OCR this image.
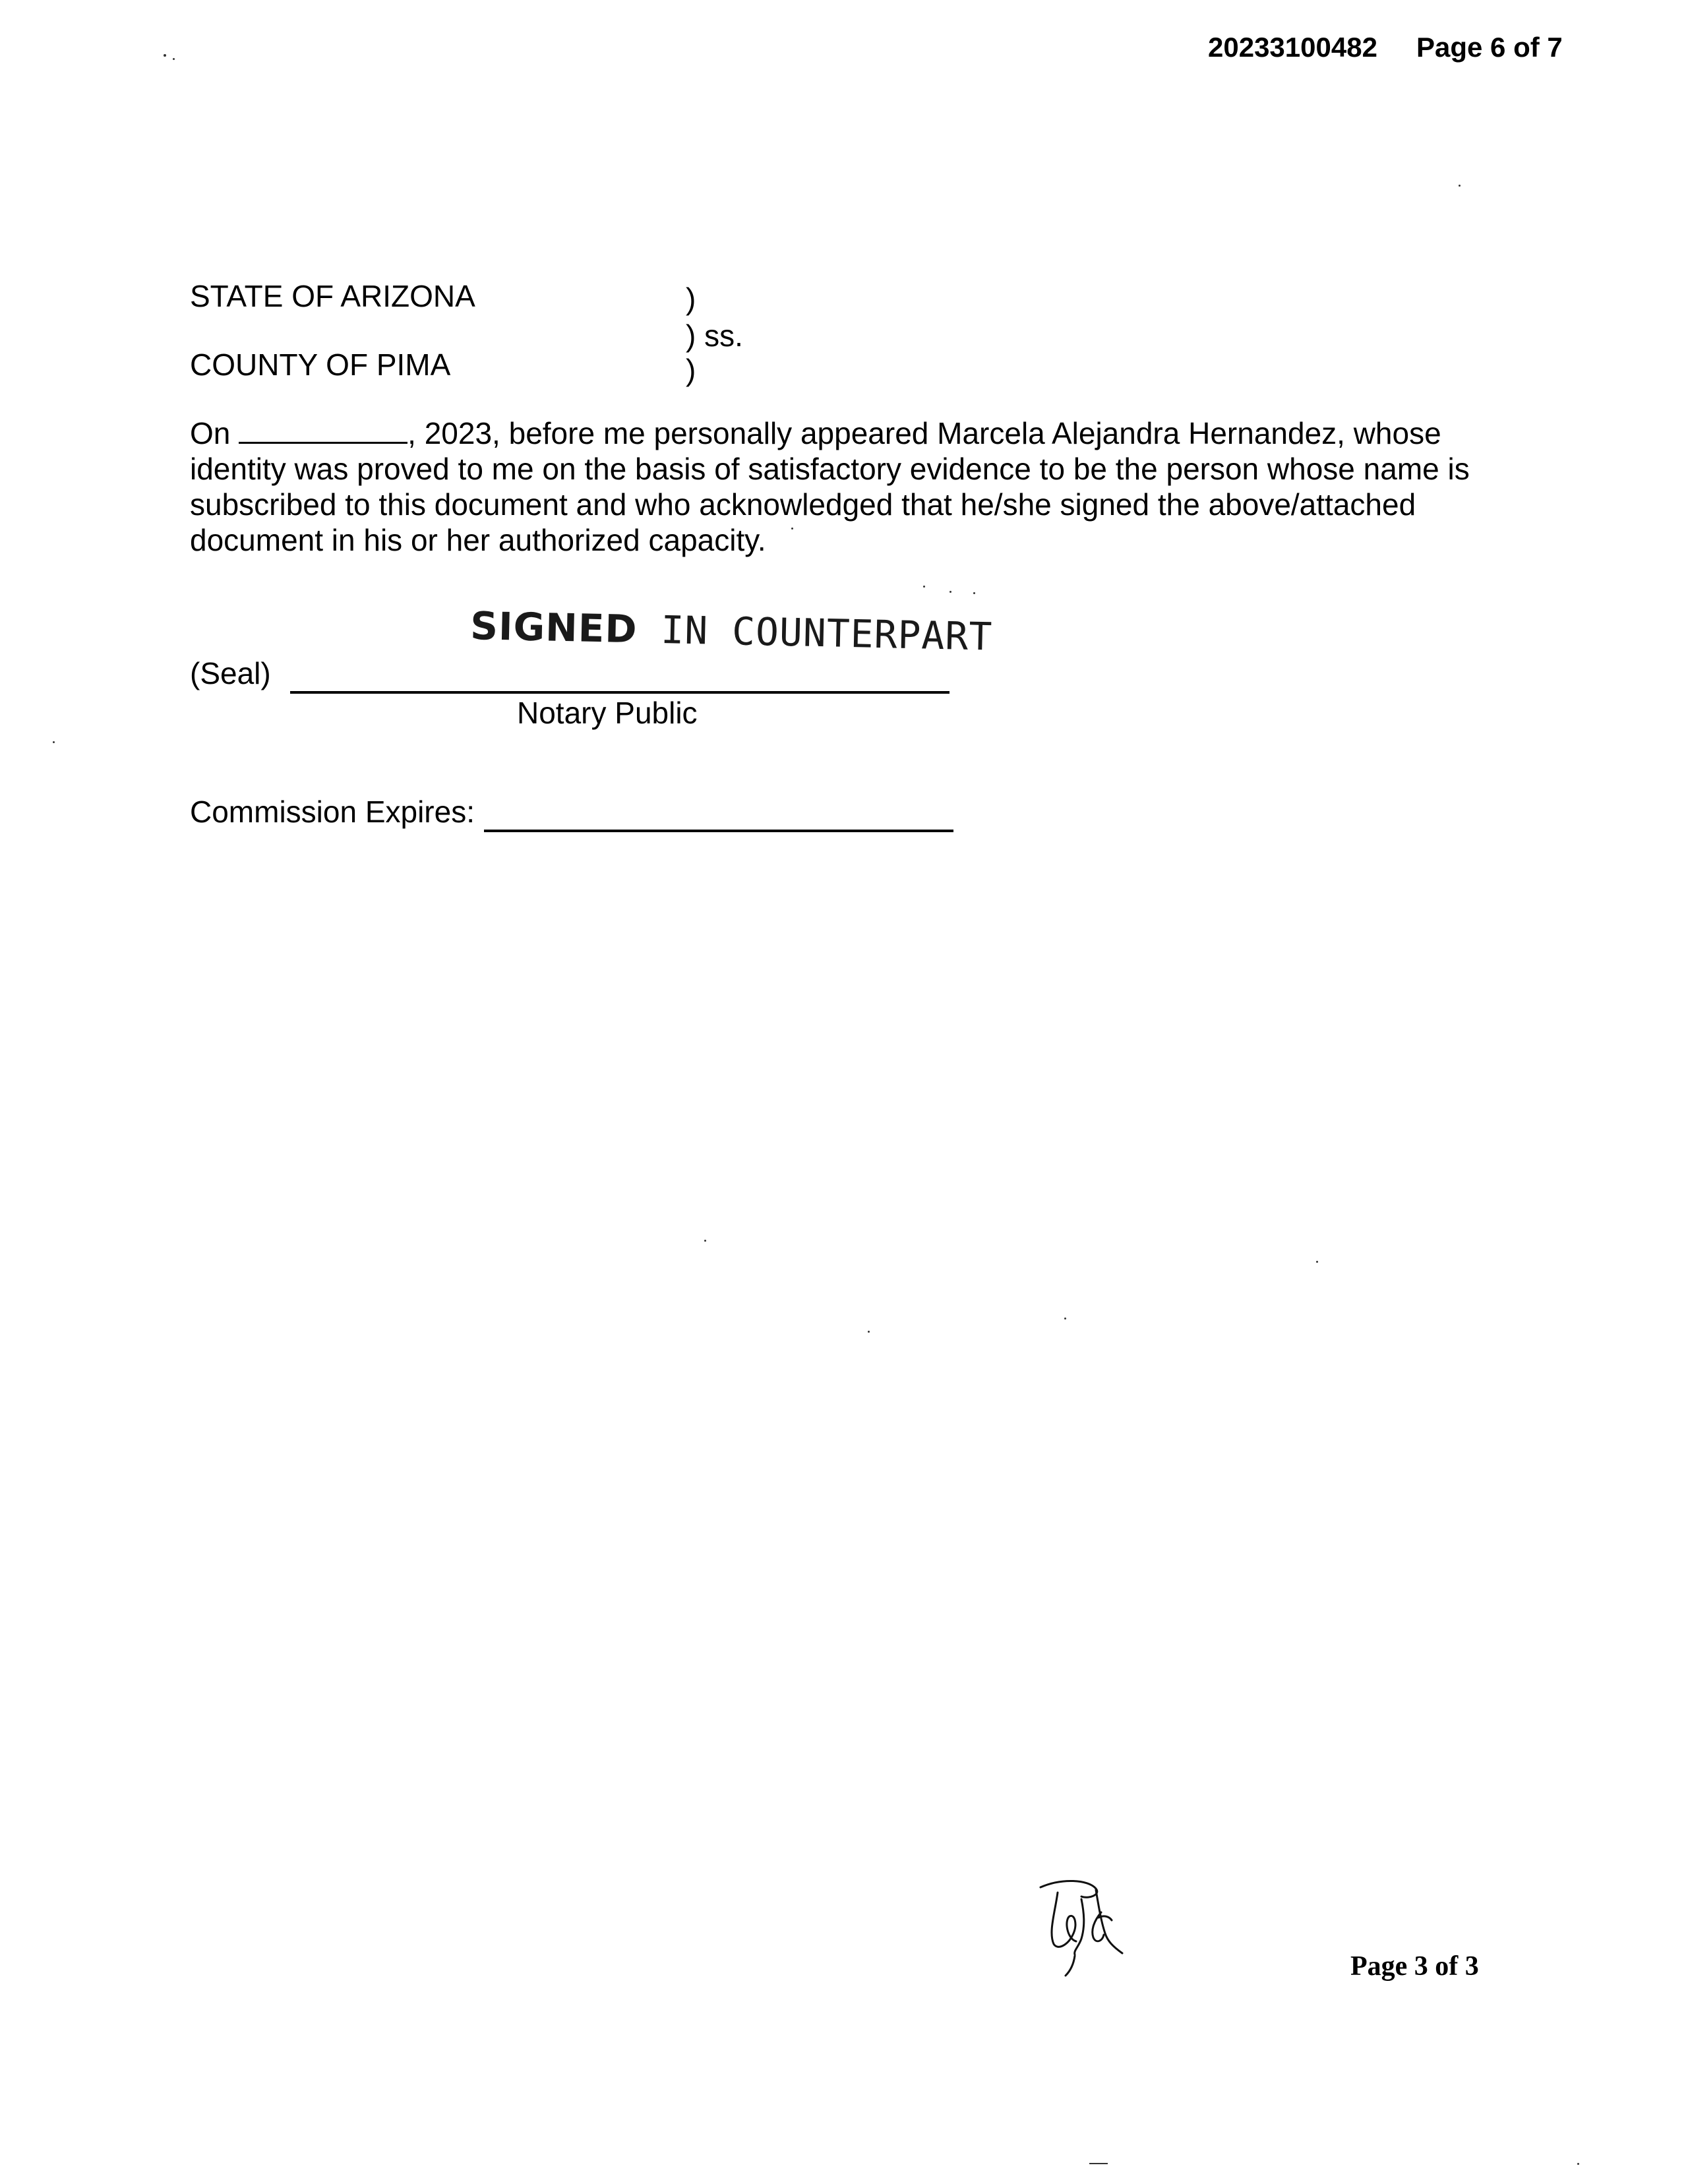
20233100482 Page 6 of 7
STATE OF ARIZONA
COUNTY OF PIMA
)
) ss.
)
On	, 2023, before me personally appeared Marcela Alejandra Hernandez, whose identity was proved to me on the basis of satisfactory evidence to be the person whose name is subscribed to this document and who acknowledged that he/she signed the above/attached document in his or her authorized capacity.
SIGNED IN COUNTERPART
(Seal)
Notary Public
Commission Expires:
Page 3 of 3
